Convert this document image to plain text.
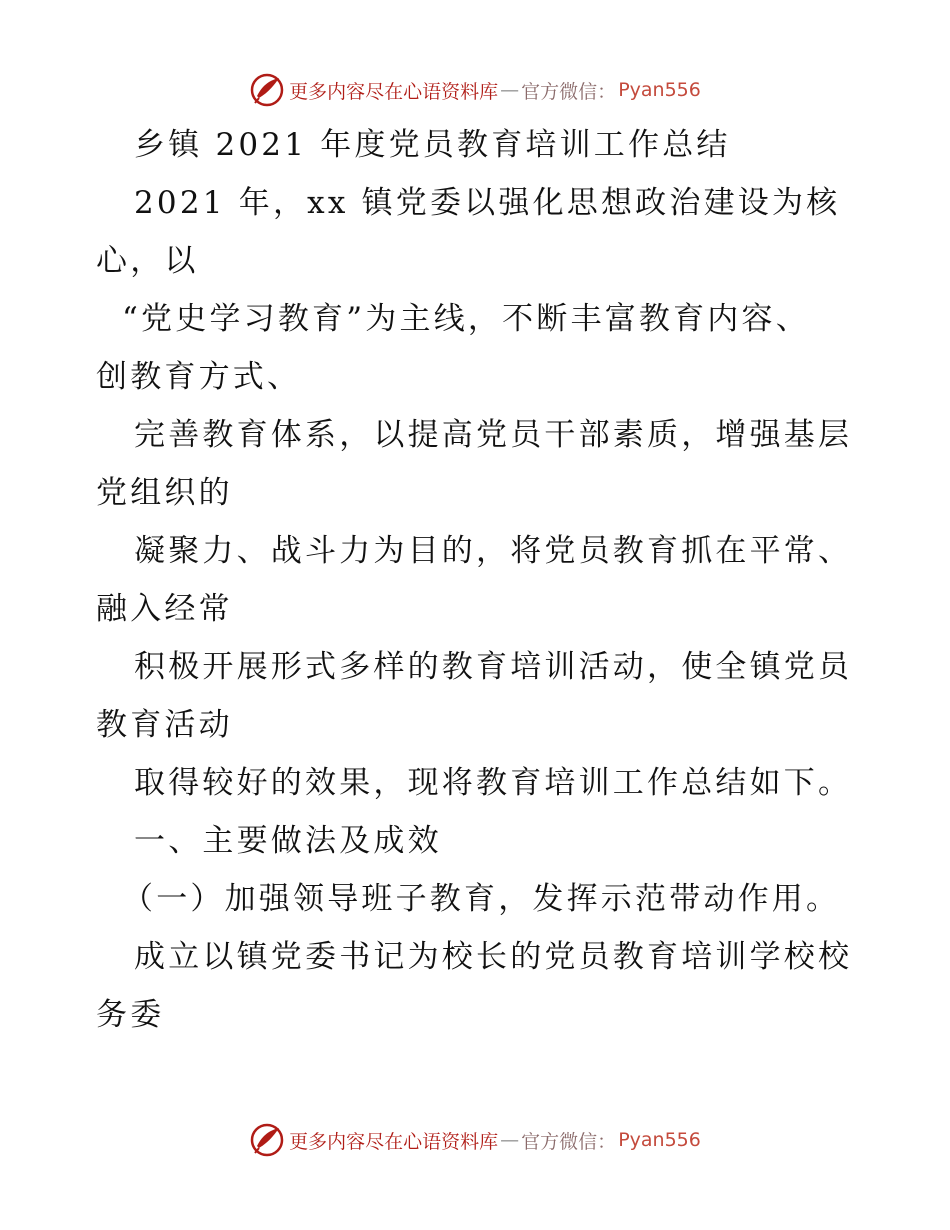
更多内容尽在心语资料库 — 官方微信： Pyan556
乡镇 2021 年度党员教育培训工作总结
2021 年，xx 镇党委以强化思想政治建设为核
心，以
“党史学习教育”为主线，不断丰富教育内容、
创教育方式、
完善教育体系，以提高党员干部素质，增强基层
党组织的
凝聚力、战斗力为目的，将党员教育抓在平常、
融入经常
积极开展形式多样的教育培训活动，使全镇党员
教育活动
取得较好的效果，现将教育培训工作总结如下。
一、主要做法及成效
（一）加强领导班子教育，发挥示范带动作用。
成立以镇党委书记为校长的党员教育培训学校校
务委
更多内容尽在心语资料库 — 官方微信： Pyan556
